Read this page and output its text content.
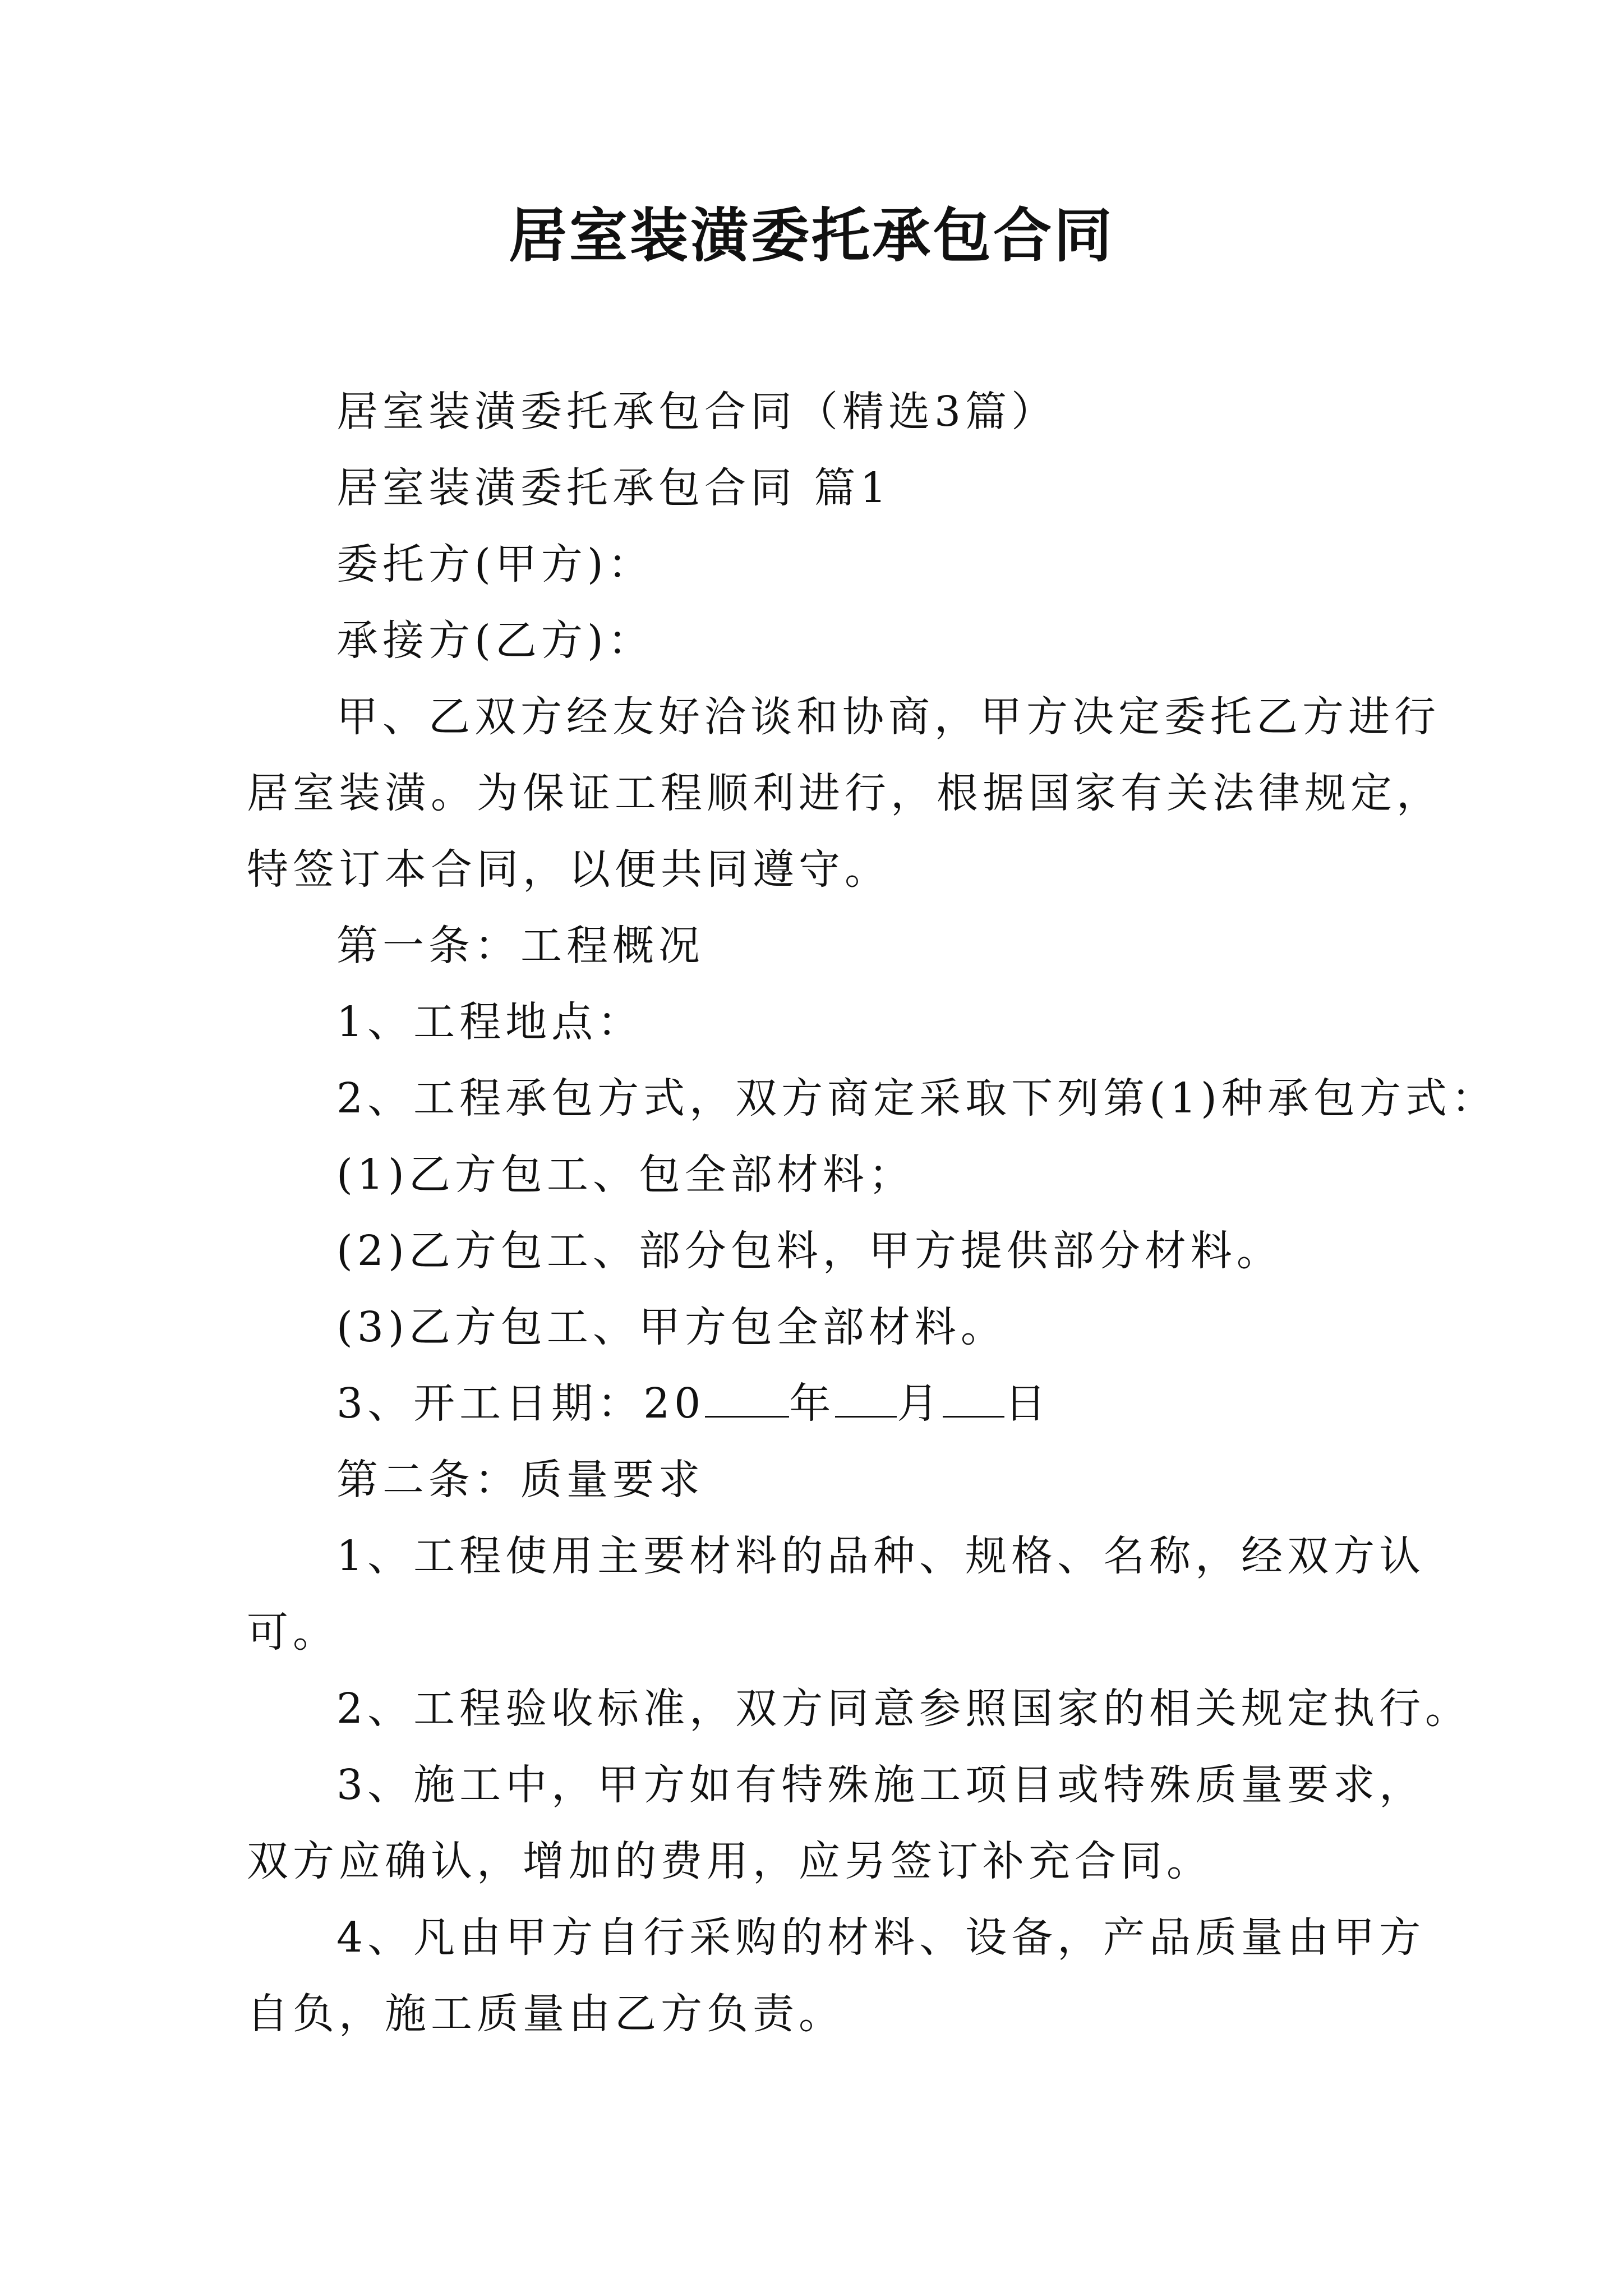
居室装潢委托承包合同

居室装潢委托承包合同（精选3篇）

居室装潢委托承包合同 篇1

委托方(甲方)：

承接方(乙方)：

甲、乙双方经友好洽谈和协商，甲方决定委托乙方进行

居室装潢。为保证工程顺利进行，根据国家有关法律规定，

特签订本合同，以便共同遵守。

第一条：工程概况

1、工程地点：

2、工程承包方式，双方商定采取下列第(1)种承包方式：

(1)乙方包工、包全部材料；

(2)乙方包工、部分包料，甲方提供部分材料。

(3)乙方包工、甲方包全部材料。

3、开工日期：20 年 月 日

第二条：质量要求

1、工程使用主要材料的品种、规格、名称，经双方认

可。

2、工程验收标准，双方同意参照国家的相关规定执行。

3、施工中，甲方如有特殊施工项目或特殊质量要求，

双方应确认，增加的费用，应另签订补充合同。

4、凡由甲方自行采购的材料、设备，产品质量由甲方

自负，施工质量由乙方负责。
